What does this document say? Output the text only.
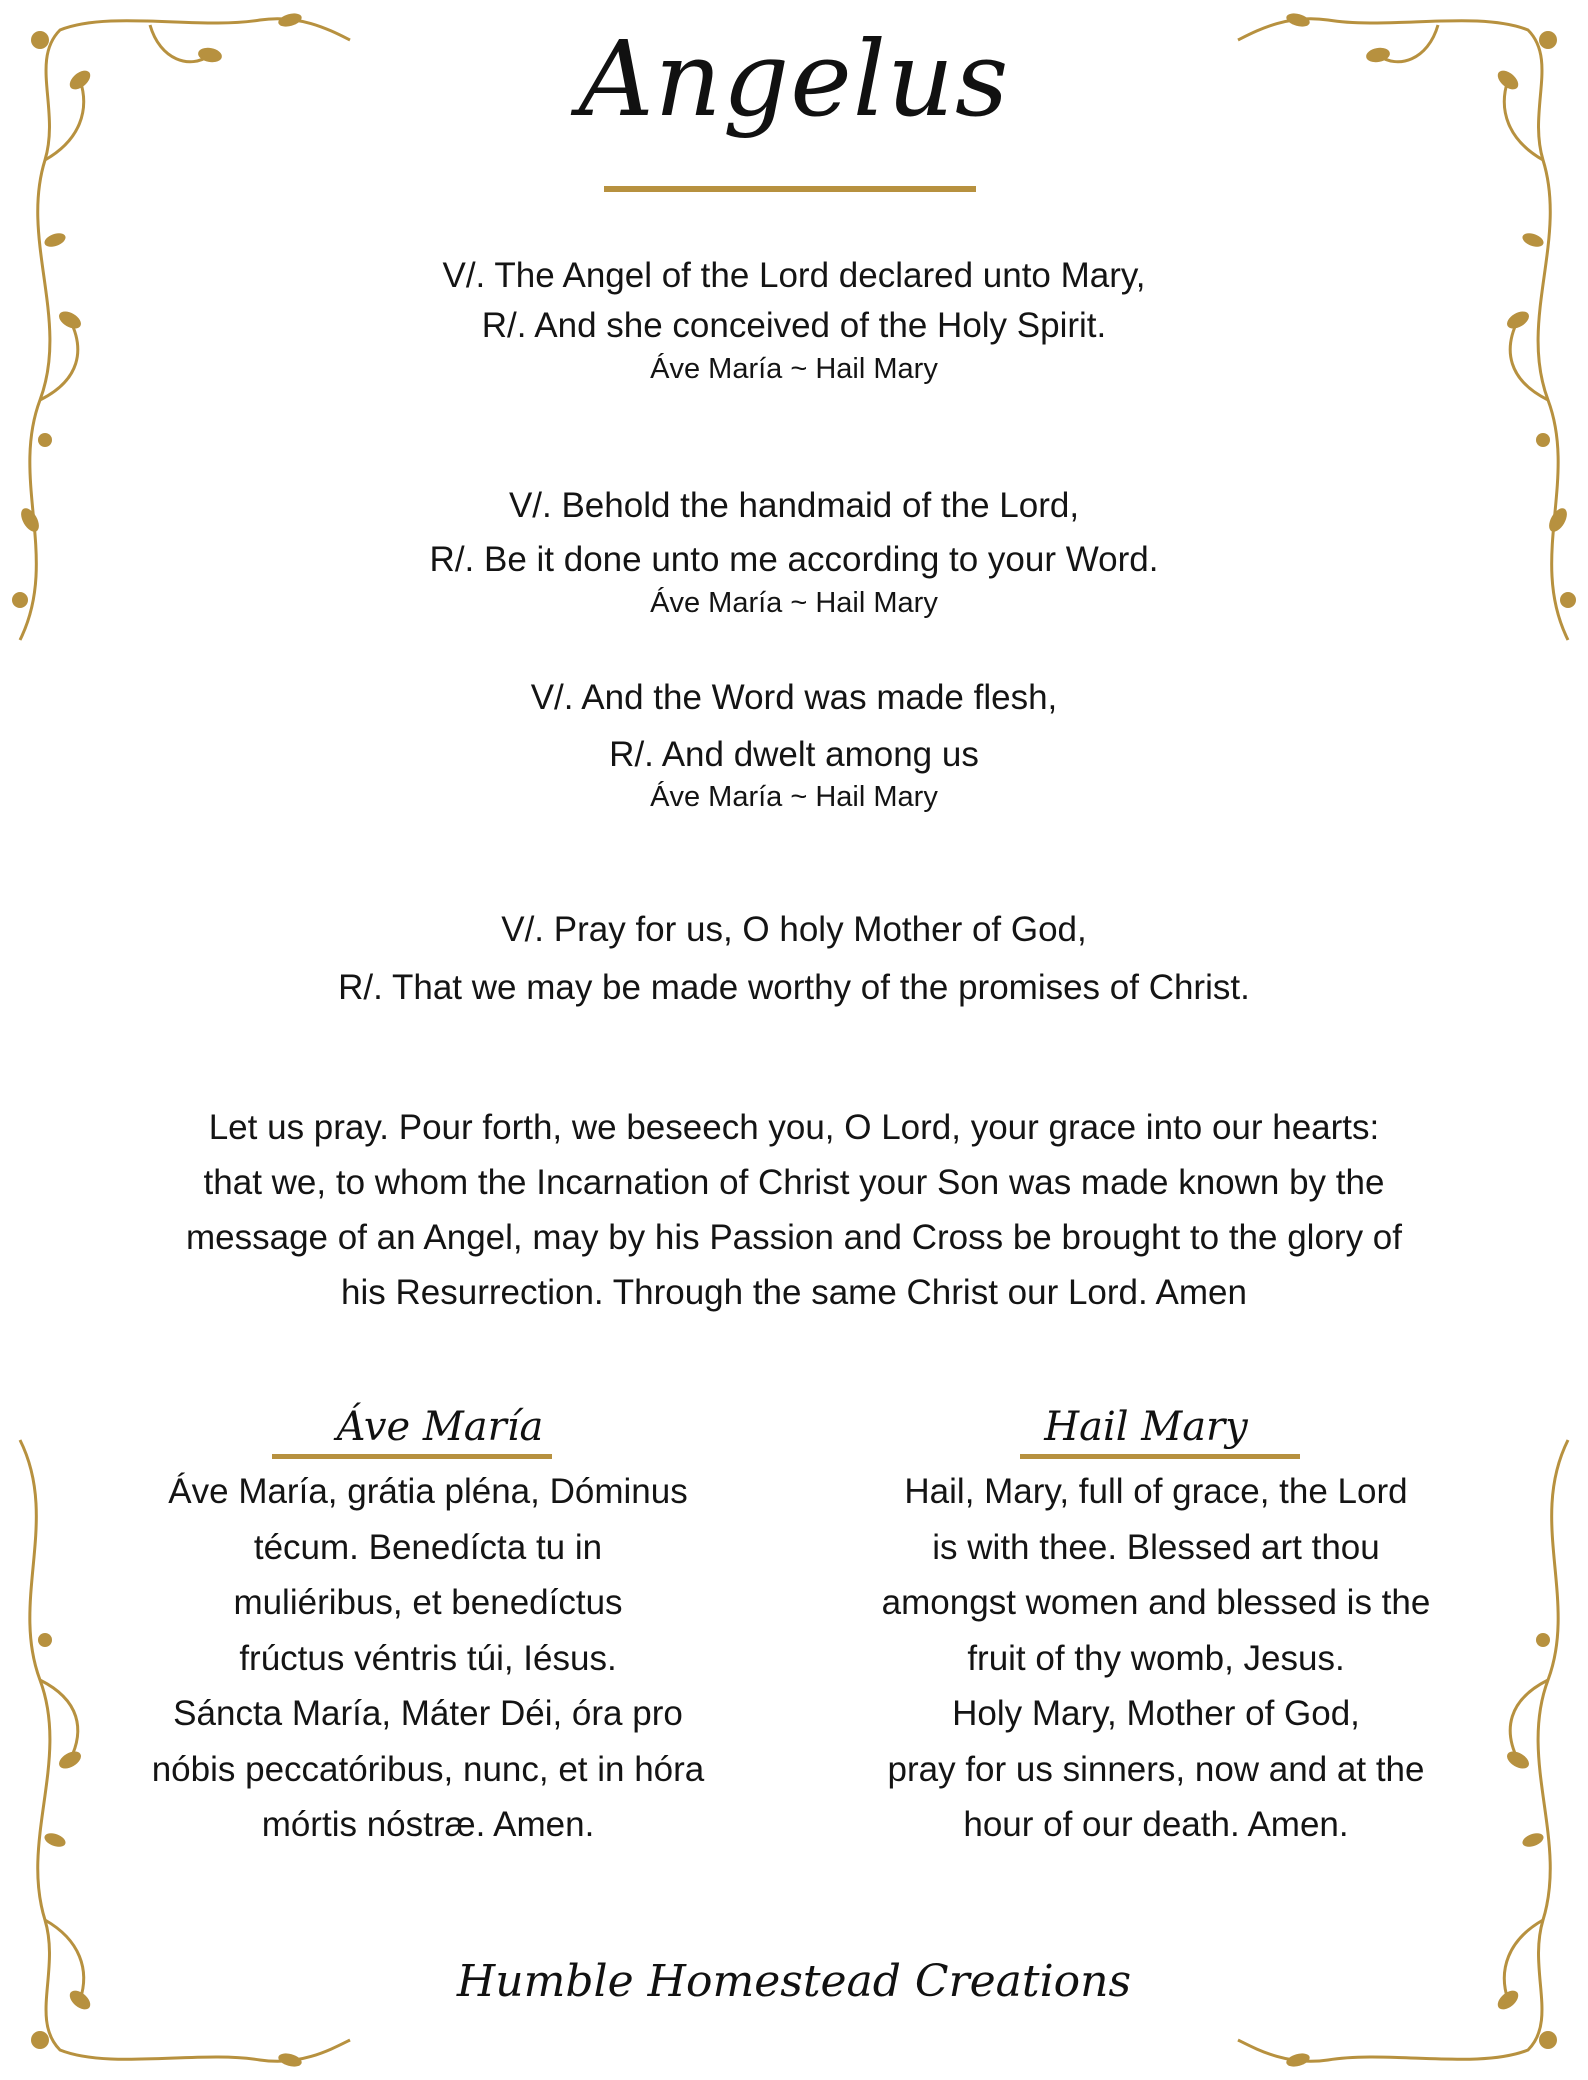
Angelus
V/. The Angel of the Lord declared unto Mary,
R/. And she conceived of the Holy Spirit.
Áve María ~ Hail Mary
V/. Behold the handmaid of the Lord,
R/. Be it done unto me according to your Word.
Áve María ~ Hail Mary
V/. And the Word was made flesh,
R/. And dwelt among us
Áve María ~ Hail Mary
V/. Pray for us, O holy Mother of God,
R/. That we may be made worthy of the promises of Christ.
Let us pray. Pour forth, we beseech you, O Lord, your grace into our hearts:
that we, to whom the Incarnation of Christ your Son was made known by the
message of an Angel, may by his Passion and Cross be brought to the glory of
his Resurrection. Through the same Christ our Lord. Amen
Áve María
Áve María, grátia pléna, Dóminus
técum. Benedícta tu in
muliéribus, et benedíctus
frúctus véntris túi, Iésus.
Sáncta María, Máter Déi, óra pro
nóbis peccatóribus, nunc, et in hóra
mórtis nóstræ. Amen.
Hail Mary
Hail, Mary, full of grace, the Lord
is with thee. Blessed art thou
amongst women and blessed is the
fruit of thy womb, Jesus.
Holy Mary, Mother of God,
pray for us sinners, now and at the
hour of our death. Amen.
Humble Homestead Creations
